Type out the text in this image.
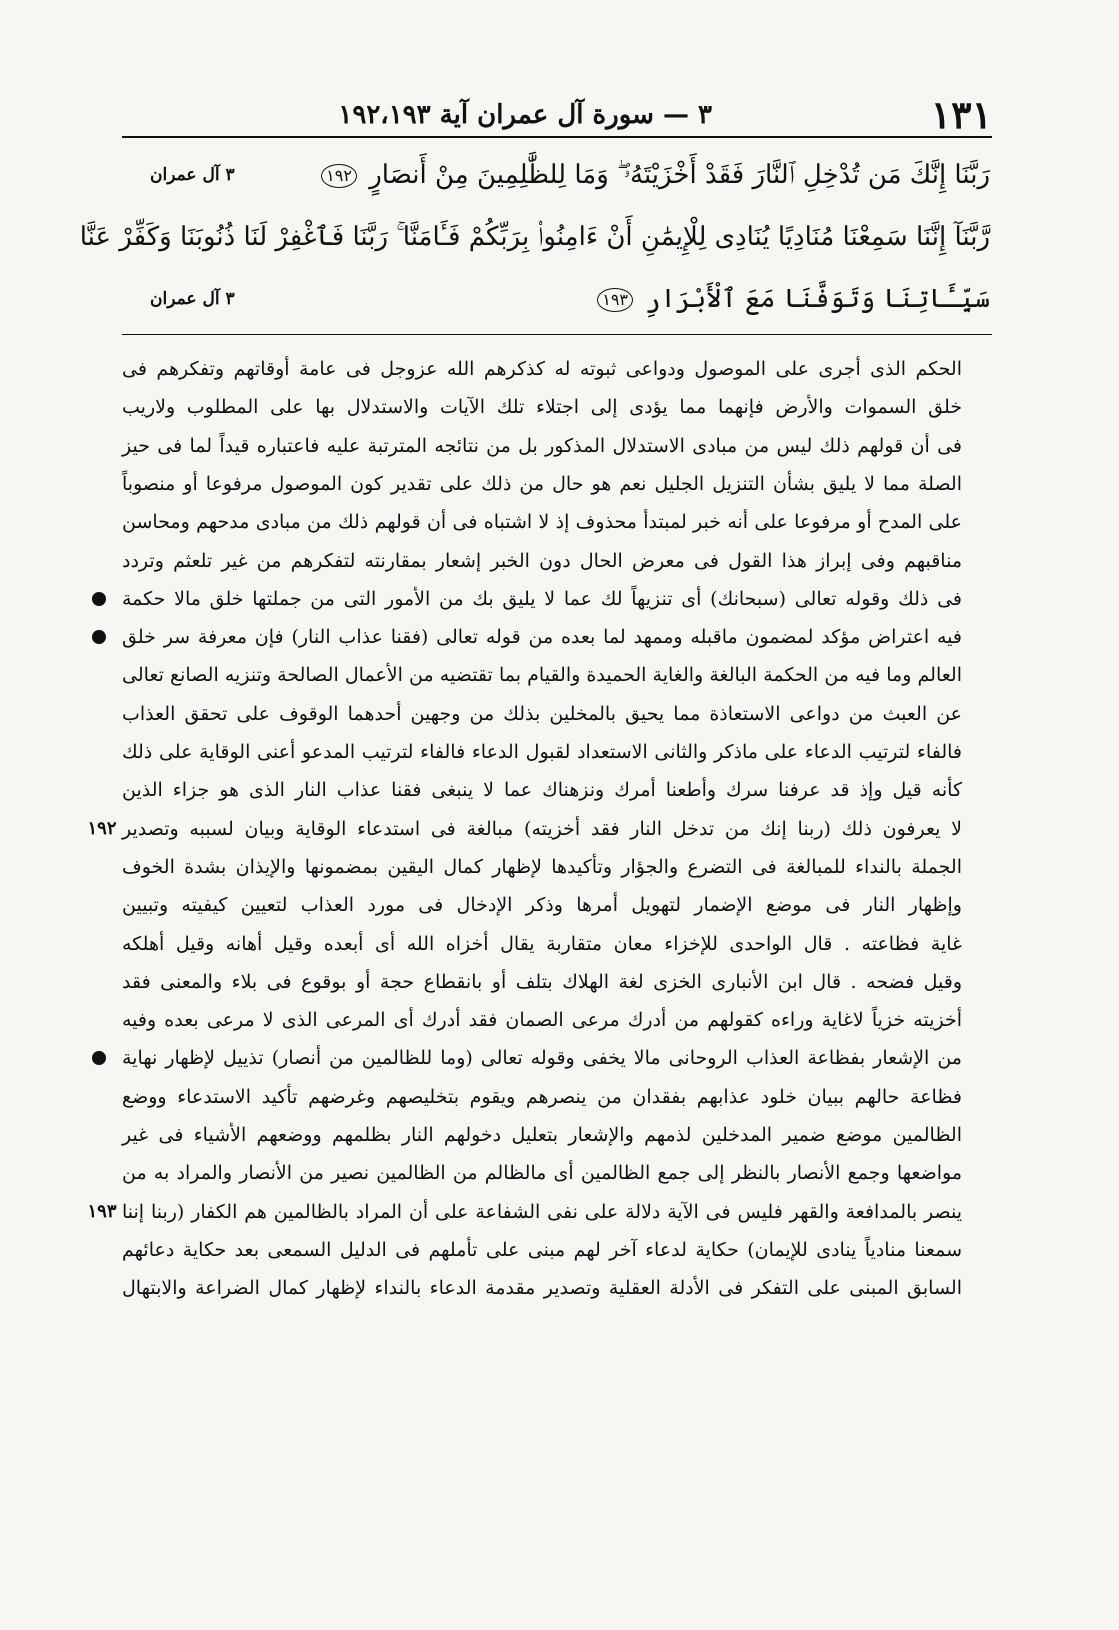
١٣١
٣ — سورة آل عمران آية ١٩٢،١٩٣
رَبَّنَا إِنَّكَ مَن تُدْخِلِ ٱلنَّارَ فَقَدْ أَخْزَيْتَهُۥ ۖ وَمَا لِلظَّٰلِمِينَ مِنْ أَنصَارٍ ١٩٢
٣ آل عمران
رَّبَّنَآ إِنَّنَا سَمِعْنَا مُنَادِيًا يُنَادِى لِلْإِيمَٰنِ أَنْ ءَامِنُوا۟ بِرَبِّكُمْ فَـَٔامَنَّا ۚ رَبَّنَا فَٱغْفِرْ لَنَا ذُنُوبَنَا وَكَفِّرْ عَنَّا
سَيِّـَٔاتِنَا وَتَوَفَّنَا مَعَ ٱلْأَبْرَارِ ١٩٣
٣ آل عمران
الحكم الذى أجرى على الموصول ودواعى ثبوته له كذكرهم الله عزوجل فى عامة أوقاتهم وتفكرهم فى
خلق السموات والأرض فإنهما مما يؤدى إلى اجتلاء تلك الآيات والاستدلال بها على المطلوب ولاريب
فى أن قولهم ذلك ليس من مبادى الاستدلال المذكور بل من نتائجه المترتبة عليه فاعتباره قيداً لما فى حيز
الصلة مما لا يليق بشأن التنزيل الجليل نعم هو حال من ذلك على تقدير كون الموصول مرفوعا أو منصوباً
على المدح أو مرفوعا على أنه خبر لمبتدأ محذوف إذ لا اشتباه فى أن قولهم ذلك من مبادى مدحهم ومحاسن
مناقبهم وفى إبراز هذا القول فى معرض الحال دون الخبر إشعار بمقارنته لتفكرهم من غير تلعثم وتردد
فى ذلك وقوله تعالى (سبحانك) أى تنزيهاً لك عما لا يليق بك من الأمور التى من جملتها خلق مالا حكمة
فيه اعتراض مؤكد لمضمون ماقبله وممهد لما بعده من قوله تعالى (فقنا عذاب النار) فإن معرفة سر خلق
العالم وما فيه من الحكمة البالغة والغاية الحميدة والقيام بما تقتضيه من الأعمال الصالحة وتنزيه الصانع تعالى
عن العبث من دواعى الاستعاذة مما يحيق بالمخلين بذلك من وجهين أحدهما الوقوف على تحقق العذاب
فالفاء لترتيب الدعاء على ماذكر والثانى الاستعداد لقبول الدعاء فالفاء لترتيب المدعو أعنى الوقاية على ذلك
كأنه قيل وإذ قد عرفنا سرك وأطعنا أمرك ونزهناك عما لا ينبغى فقنا عذاب النار الذى هو جزاء الذين
لا يعرفون ذلك (ربنا إنك من تدخل النار فقد أخزيته) مبالغة فى استدعاء الوقاية وبيان لسببه وتصدير
الجملة بالنداء للمبالغة فى التضرع والجؤار وتأكيدها لإظهار كمال اليقين بمضمونها والإيذان بشدة الخوف
وإظهار النار فى موضع الإضمار لتهويل أمرها وذكر الإدخال فى مورد العذاب لتعيين كيفيته وتبيين
غاية فظاعته . قال الواحدى للإخزاء معان متقاربة يقال أخزاه الله أى أبعده وقيل أهانه وقيل أهلكه
وقيل فضحه . قال ابن الأنبارى الخزى لغة الهلاك بتلف أو بانقطاع حجة أو بوقوع فى بلاء والمعنى فقد
أخزيته خزياً لاغاية وراءه كقولهم من أدرك مرعى الصمان فقد أدرك أى المرعى الذى لا مرعى بعده وفيه
من الإشعار بفظاعة العذاب الروحانى مالا يخفى وقوله تعالى (وما للظالمين من أنصار) تذييل لإظهار نهاية
فظاعة حالهم ببيان خلود عذابهم بفقدان من ينصرهم ويقوم بتخليصهم وغرضهم تأكيد الاستدعاء ووضع
الظالمين موضع ضمير المدخلين لذمهم والإشعار بتعليل دخولهم النار بظلمهم ووضعهم الأشياء فى غير
مواضعها وجمع الأنصار بالنظر إلى جمع الظالمين أى مالظالم من الظالمين نصير من الأنصار والمراد به من
ينصر بالمدافعة والقهر فليس فى الآية دلالة على نفى الشفاعة على أن المراد بالظالمين هم الكفار (ربنا إننا
سمعنا منادياً ينادى للإيمان) حكاية لدعاء آخر لهم مبنى على تأملهم فى الدليل السمعى بعد حكاية دعائهم
السابق المبنى على التفكر فى الأدلة العقلية وتصدير مقدمة الدعاء بالنداء لإظهار كمال الضراعة والابتهال
١٩٢
١٩٣
